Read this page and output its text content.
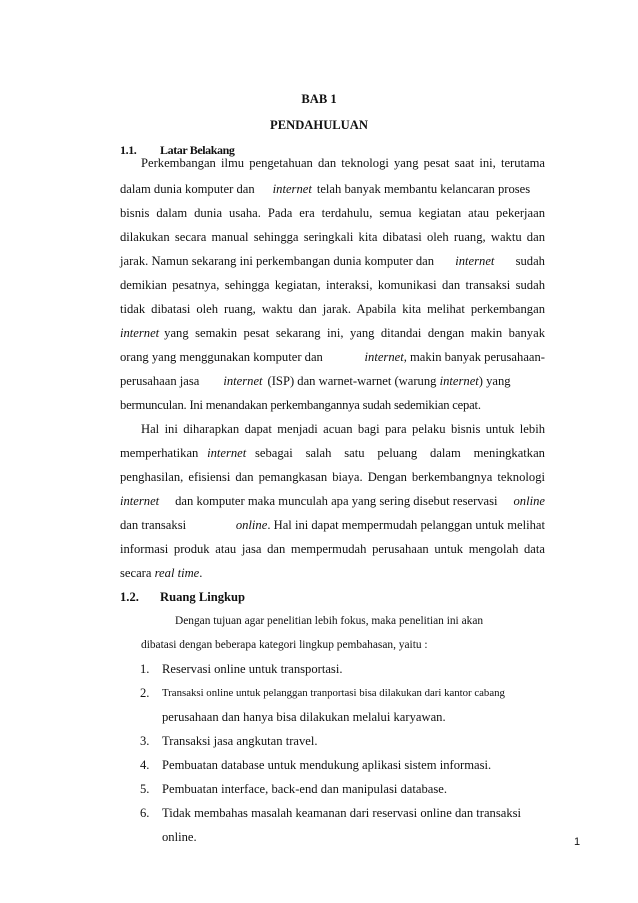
BAB 1
PENDAHULUAN
1.1. Latar Belakang
Perkembangan ilmu pengetahuan dan teknologi yang pesat saat ini, terutama
dalam dunia komputer dan internet telah banyak membantu kelancaran proses
bisnis dalam dunia usaha. Pada era terdahulu, semua kegiatan atau pekerjaan
dilakukan secara manual sehingga seringkali kita dibatasi oleh ruang, waktu dan
jarak. Namun sekarang ini perkembangan dunia komputer dan internet sudah
demikian pesatnya, sehingga kegiatan, interaksi, komunikasi dan transaksi sudah
tidak dibatasi oleh ruang, waktu dan jarak. Apabila kita melihat perkembangan
internet yang semakin pesat sekarang ini, yang ditandai dengan makin banyak
orang yang menggunakan komputer dan	internet, makin banyak perusahaan-
perusahaan jasa internet (ISP) dan warnet-warnet (warung internet) yang
bermunculan. Ini menandakan perkembangannya sudah sedemikian cepat.
Hal ini diharapkan dapat menjadi acuan bagi para pelaku bisnis untuk lebih
memperhatikan internet sebagai salah satu peluang dalam meningkatkan
penghasilan, efisiensi dan pemangkasan biaya. Dengan berkembangnya teknologi
internet dan komputer maka munculah apa yang sering disebut reservasi online
dan transaksi	online. Hal ini dapat mempermudah pelanggan untuk melihat
informasi produk atau jasa dan mempermudah perusahaan untuk mengolah data
secara real time.
1.2. Ruang Lingkup
Dengan tujuan agar penelitian lebih fokus, maka penelitian ini akan
dibatasi dengan beberapa kategori lingkup pembahasan, yaitu :
1. Reservasi online untuk transportasi.
2. Transaksi online untuk pelanggan tranportasi bisa dilakukan dari kantor cabang
perusahaan dan hanya bisa dilakukan melalui karyawan.
3. Transaksi jasa angkutan travel.
4. Pembuatan database untuk mendukung aplikasi sistem informasi.
5. Pembuatan interface, back-end dan manipulasi database.
6. Tidak membahas masalah keamanan dari reservasi online dan transaksi
online.	1
